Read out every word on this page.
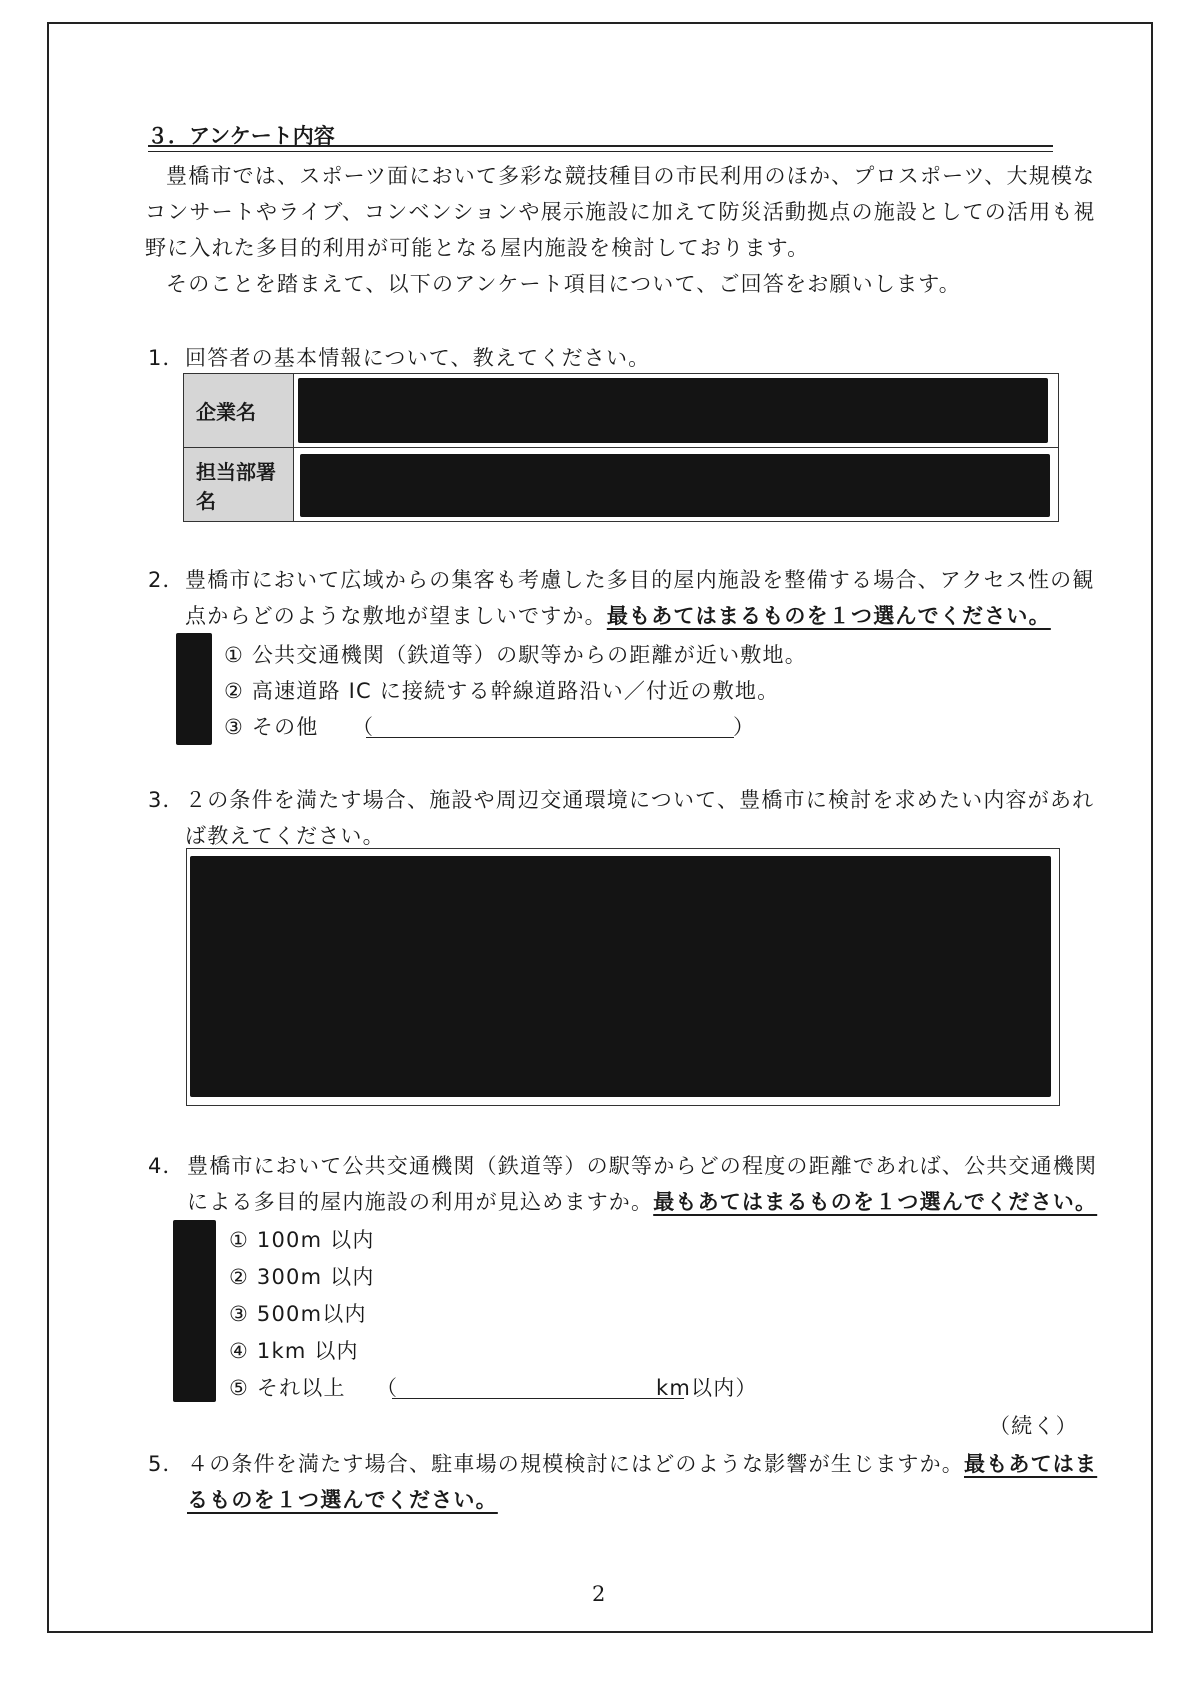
３．アンケート内容
豊橋市では、スポーツ面において多彩な競技種目の市民利用のほか、プロスポーツ、大規模な
コンサートやライブ、コンベンションや展示施設に加えて防災活動拠点の施設としての活用も視
野に入れた多目的利用が可能となる屋内施設を検討しております。
そのことを踏まえて、以下のアンケート項目について、ご回答をお願いします。
1． 回答者の基本情報について、教えてください。
企業名	

担当部署名	
2． 豊橋市において広域からの集客も考慮した多目的屋内施設を整備する場合、アクセス性の観
点からどのような敷地が望ましいですか。最もあてはまるものを１つ選んでください。
① 公共交通機関（鉄道等）の駅等からの距離が近い敷地。
② 高速道路 IC に接続する幹線道路沿い／付近の敷地。
③ その他 （	）
3． ２の条件を満たす場合、施設や周辺交通環境について、豊橋市に検討を求めたい内容があれ
ば教えてください。
4． 豊橋市において公共交通機関（鉄道等）の駅等からどの程度の距離であれば、公共交通機関
による多目的屋内施設の利用が見込めますか。最もあてはまるものを１つ選んでください。
① 100m 以内
② 300m 以内
③ 500m以内
④ 1km 以内
⑤ それ以上 （	km以内）
（続く）
5． ４の条件を満たす場合、駐車場の規模検討にはどのような影響が生じますか。最もあてはま
るものを１つ選んでください。
2
